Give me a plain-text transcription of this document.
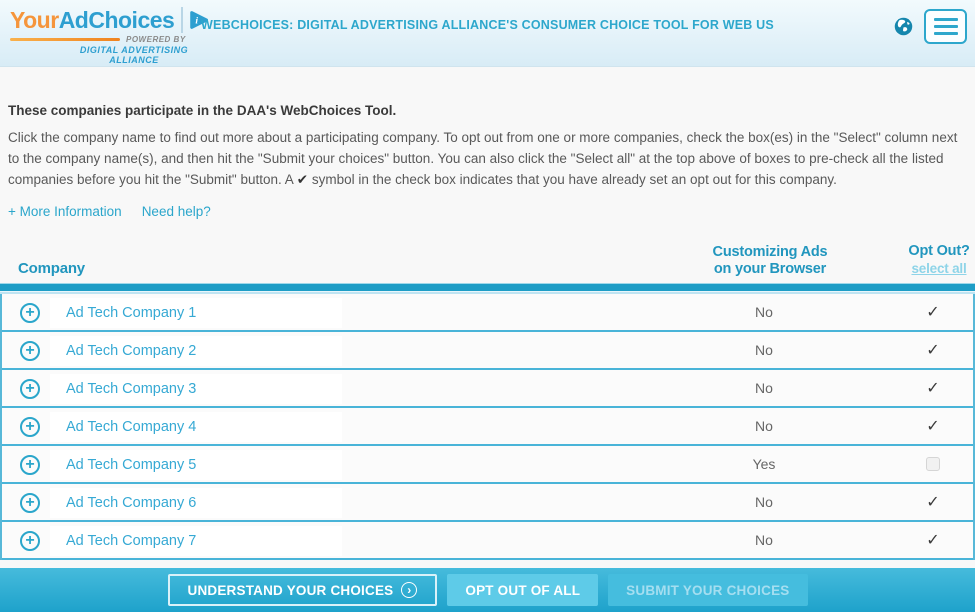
YourAdChoices i
POWERED BY
DIGITAL ADVERTISING ALLIANCE
WEBCHOICES: DIGITAL ADVERTISING ALLIANCE'S CONSUMER CHOICE TOOL FOR WEB US
These companies participate in the DAA's WebChoices Tool.
Click the company name to find out more about a participating company. To opt out from one or more companies, check the box(es) in the "Select" column next to the company name(s), and then hit the "Submit your choices" button. You can also click the "Select all" at the top above of boxes to pre-check all the listed companies before you hit the "Submit" button. A ✔ symbol in the check box indicates that you have already set an opt out for this company.
+ More Information Need help?
Company
Customizing Ads
on your Browser
Opt Out?
select all
+	Ad Tech Company 1	No	✓
+	Ad Tech Company 2	No	✓
+	Ad Tech Company 3	No	✓
+	Ad Tech Company 4	No	✓
+	Ad Tech Company 5	Yes
+	Ad Tech Company 6	No	✓
+	Ad Tech Company 7	No	✓
UNDERSTAND YOUR CHOICES	›	OPT OUT OF ALL	SUBMIT YOUR CHOICES
